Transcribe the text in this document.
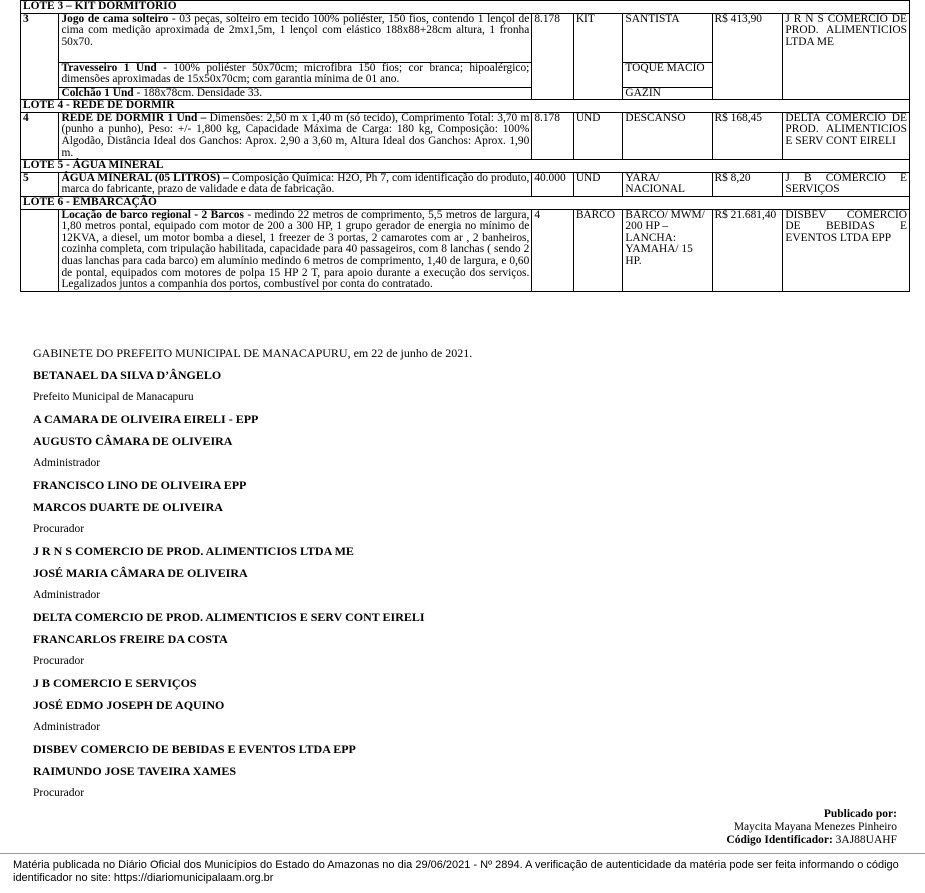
LOTE 3 – KIT DORMITÓRIO						
3	Jogo de cama solteiro - 03 peças, solteiro em tecido 100% poliéster, 150 fios, contendo 1 lençol de cima com medição aproximada de 2mx1,5m, 1 lençol com elástico 188x88+28cm altura, 1 fronha 50x70.	8.178	KIT	SANTISTA	R$ 413,90	J R N S COMERCIO DE PROD. ALIMENTICIOS LTDA ME
	Travesseiro 1 Und - 100% poliéster 50x70cm; microfibra 150 fios; cor branca; hipoalérgico; dimensões aproximadas de 15x50x70cm; com garantia mínima de 01 ano.			TOQUE MACIO		
	Colchão 1 Und - 188x78cm. Densidade 33.			GAZIN		
LOTE 4 - REDE DE DORMIR						
4	REDE DE DORMIR 1 Und – Dimensões: 2,50 m x 1,40 m (só tecido), Comprimento Total: 3,70 m (punho a punho), Peso: +/- 1,800 kg, Capacidade Máxima de Carga: 180 kg, Composição: 100% Algodão, Distância Ideal dos Ganchos: Aprox. 2,90 a 3,60 m, Altura Ideal dos Ganchos: Aprox. 1,90 m.	8.178	UND	DESCANSO	R$ 168,45	DELTA COMERCIO DE PROD. ALIMENTICIOS E SERV CONT EIRELI
LOTE 5 - ÁGUA MINERAL						
5	ÁGUA MINERAL (05 LITROS) – Composição Química: H2O, Ph 7, com identificação do produto, marca do fabricante, prazo de validade e data de fabricação.	40.000	UND	YARA/ NACIONAL	R$ 8,20	J B COMERCIO E SERVIÇOS
LOTE 6 - EMBARCAÇÃO						
	Locação de barco regional - 2 Barcos - medindo 22 metros de comprimento, 5,5 metros de largura, 1,80 metros pontal, equipado com motor de 200 a 300 HP, 1 grupo gerador de energia no mínimo de 12KVA, a diesel, um motor bomba a diesel, 1 freezer de 3 portas, 2 camarotes com ar , 2 banheiros, cozinha completa, com tripulação habilitada, capacidade para 40 passageiros, com 8 lanchas ( sendo 2 duas lanchas para cada barco) em alumínio medindo 6 metros de comprimento, 1,40 de largura, e 0,60 de pontal, equipados com motores de polpa 15 HP 2 T, para apoio durante a execução dos serviços. Legalizados juntos a companhia dos portos, combustível por conta do contratado.	4	BARCO	BARCO/ MWM/ 200 HP – LANCHA: YAMAHA/ 15 HP.	R$ 21.681,40	DISBEV COMERCIO DE BEBIDAS E EVENTOS LTDA EPP

GABINETE DO PREFEITO MUNICIPAL DE MANACAPURU, em 22 de junho de 2021.

BETANAEL DA SILVA D’ÂNGELO

Prefeito Municipal de Manacapuru

A CAMARA DE OLIVEIRA EIRELI - EPP

AUGUSTO CÂMARA DE OLIVEIRA

Administrador

FRANCISCO LINO DE OLIVEIRA EPP

MARCOS DUARTE DE OLIVEIRA

Procurador

J R N S COMERCIO DE PROD. ALIMENTICIOS LTDA ME

JOSÉ MARIA CÂMARA DE OLIVEIRA

Administrador

DELTA COMERCIO DE PROD. ALIMENTICIOS E SERV CONT EIRELI

FRANCARLOS FREIRE DA COSTA

Procurador

J B COMERCIO E SERVIÇOS

JOSÉ EDMO JOSEPH DE AQUINO

Administrador

DISBEV COMERCIO DE BEBIDAS E EVENTOS LTDA EPP

RAIMUNDO JOSE TAVEIRA XAMES

Procurador

Publicado por:
Maycita Mayana Menezes Pinheiro
Código Identificador: 3AJ88UAHF
Matéria publicada no Diário Oficial dos Municípios do Estado do Amazonas no dia 29/06/2021 - Nº 2894. A verificação de autenticidade da matéria pode ser feita informando o código identificador no site: https://diariomunicipalaam.org.br
